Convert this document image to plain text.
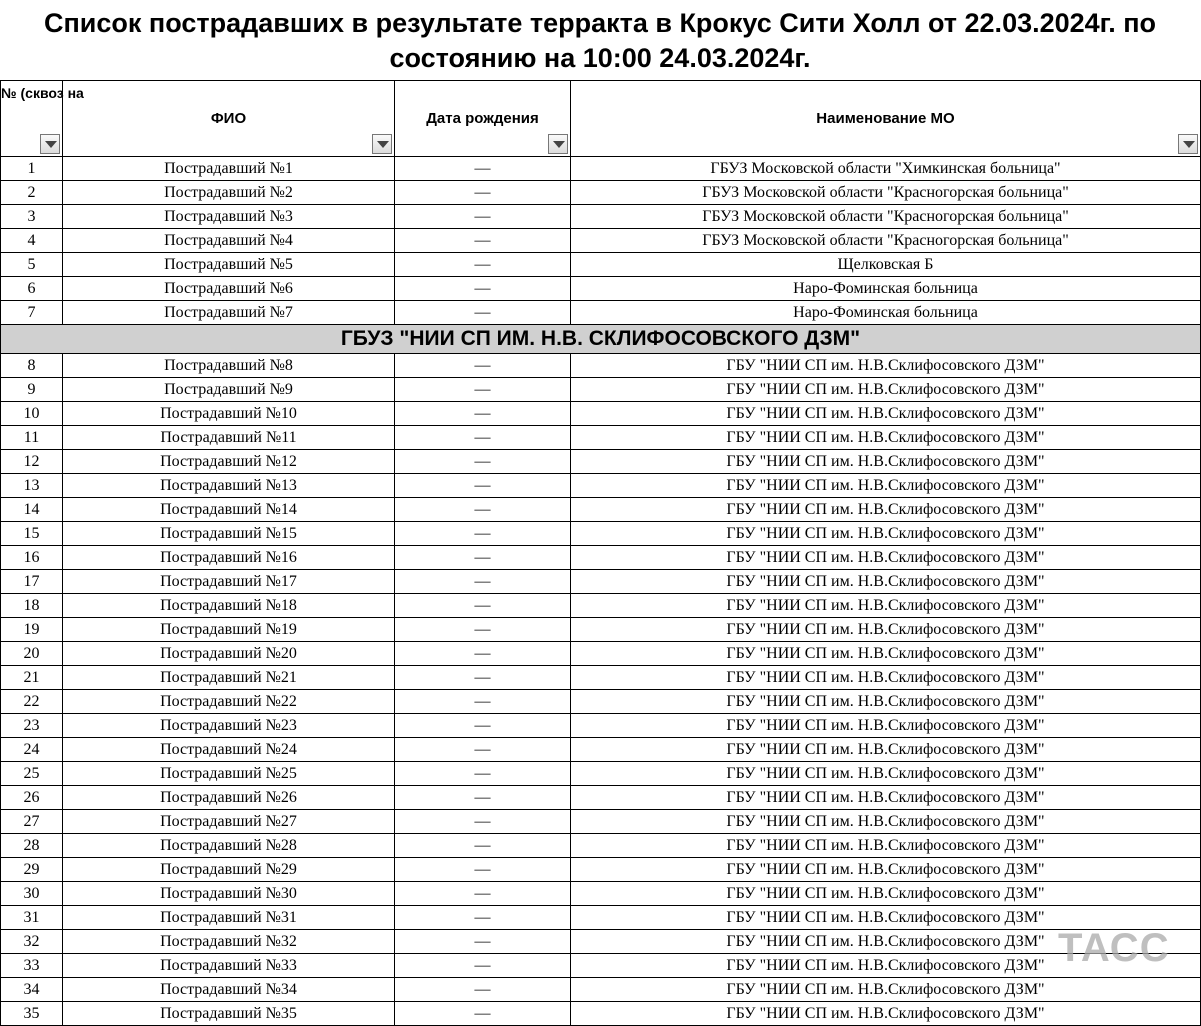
Список пострадавших в результате терракта в Крокус Сити Холл от 22.03.2024г. по
состоянию на 10:00 24.03.2024г.
№ (сквоз на	ФИО	Дата рождения	Наименование МО

1	Пострадавший №1	—	ГБУЗ Московской области "Химкинская больница"
2	Пострадавший №2	—	ГБУЗ Московской области "Красногорская больница"
3	Пострадавший №3	—	ГБУЗ Московской области "Красногорская больница"
4	Пострадавший №4	—	ГБУЗ Московской области "Красногорская больница"
5	Пострадавший №5	—	Щелковская Б
6	Пострадавший №6	—	Наро-Фоминская больница
7	Пострадавший №7	—	Наро-Фоминская больница
ГБУЗ "НИИ СП ИМ. Н.В. СКЛИФОСОВСКОГО ДЗМ"			
8	Пострадавший №8	—	ГБУ "НИИ СП им. Н.В.Склифосовского ДЗМ"
9	Пострадавший №9	—	ГБУ "НИИ СП им. Н.В.Склифосовского ДЗМ"
10	Пострадавший №10	—	ГБУ "НИИ СП им. Н.В.Склифосовского ДЗМ"
11	Пострадавший №11	—	ГБУ "НИИ СП им. Н.В.Склифосовского ДЗМ"
12	Пострадавший №12	—	ГБУ "НИИ СП им. Н.В.Склифосовского ДЗМ"
13	Пострадавший №13	—	ГБУ "НИИ СП им. Н.В.Склифосовского ДЗМ"
14	Пострадавший №14	—	ГБУ "НИИ СП им. Н.В.Склифосовского ДЗМ"
15	Пострадавший №15	—	ГБУ "НИИ СП им. Н.В.Склифосовского ДЗМ"
16	Пострадавший №16	—	ГБУ "НИИ СП им. Н.В.Склифосовского ДЗМ"
17	Пострадавший №17	—	ГБУ "НИИ СП им. Н.В.Склифосовского ДЗМ"
18	Пострадавший №18	—	ГБУ "НИИ СП им. Н.В.Склифосовского ДЗМ"
19	Пострадавший №19	—	ГБУ "НИИ СП им. Н.В.Склифосовского ДЗМ"
20	Пострадавший №20	—	ГБУ "НИИ СП им. Н.В.Склифосовского ДЗМ"
21	Пострадавший №21	—	ГБУ "НИИ СП им. Н.В.Склифосовского ДЗМ"
22	Пострадавший №22	—	ГБУ "НИИ СП им. Н.В.Склифосовского ДЗМ"
23	Пострадавший №23	—	ГБУ "НИИ СП им. Н.В.Склифосовского ДЗМ"
24	Пострадавший №24	—	ГБУ "НИИ СП им. Н.В.Склифосовского ДЗМ"
25	Пострадавший №25	—	ГБУ "НИИ СП им. Н.В.Склифосовского ДЗМ"
26	Пострадавший №26	—	ГБУ "НИИ СП им. Н.В.Склифосовского ДЗМ"
27	Пострадавший №27	—	ГБУ "НИИ СП им. Н.В.Склифосовского ДЗМ"
28	Пострадавший №28	—	ГБУ "НИИ СП им. Н.В.Склифосовского ДЗМ"
29	Пострадавший №29	—	ГБУ "НИИ СП им. Н.В.Склифосовского ДЗМ"
30	Пострадавший №30	—	ГБУ "НИИ СП им. Н.В.Склифосовского ДЗМ"
31	Пострадавший №31	—	ГБУ "НИИ СП им. Н.В.Склифосовского ДЗМ"
32	Пострадавший №32	—	ГБУ "НИИ СП им. Н.В.Склифосовского ДЗМ"
33	Пострадавший №33	—	ГБУ "НИИ СП им. Н.В.Склифосовского ДЗМ"
34	Пострадавший №34	—	ГБУ "НИИ СП им. Н.В.Склифосовского ДЗМ"
35	Пострадавший №35	—	ГБУ "НИИ СП им. Н.В.Склифосовского ДЗМ"
ТАСС
